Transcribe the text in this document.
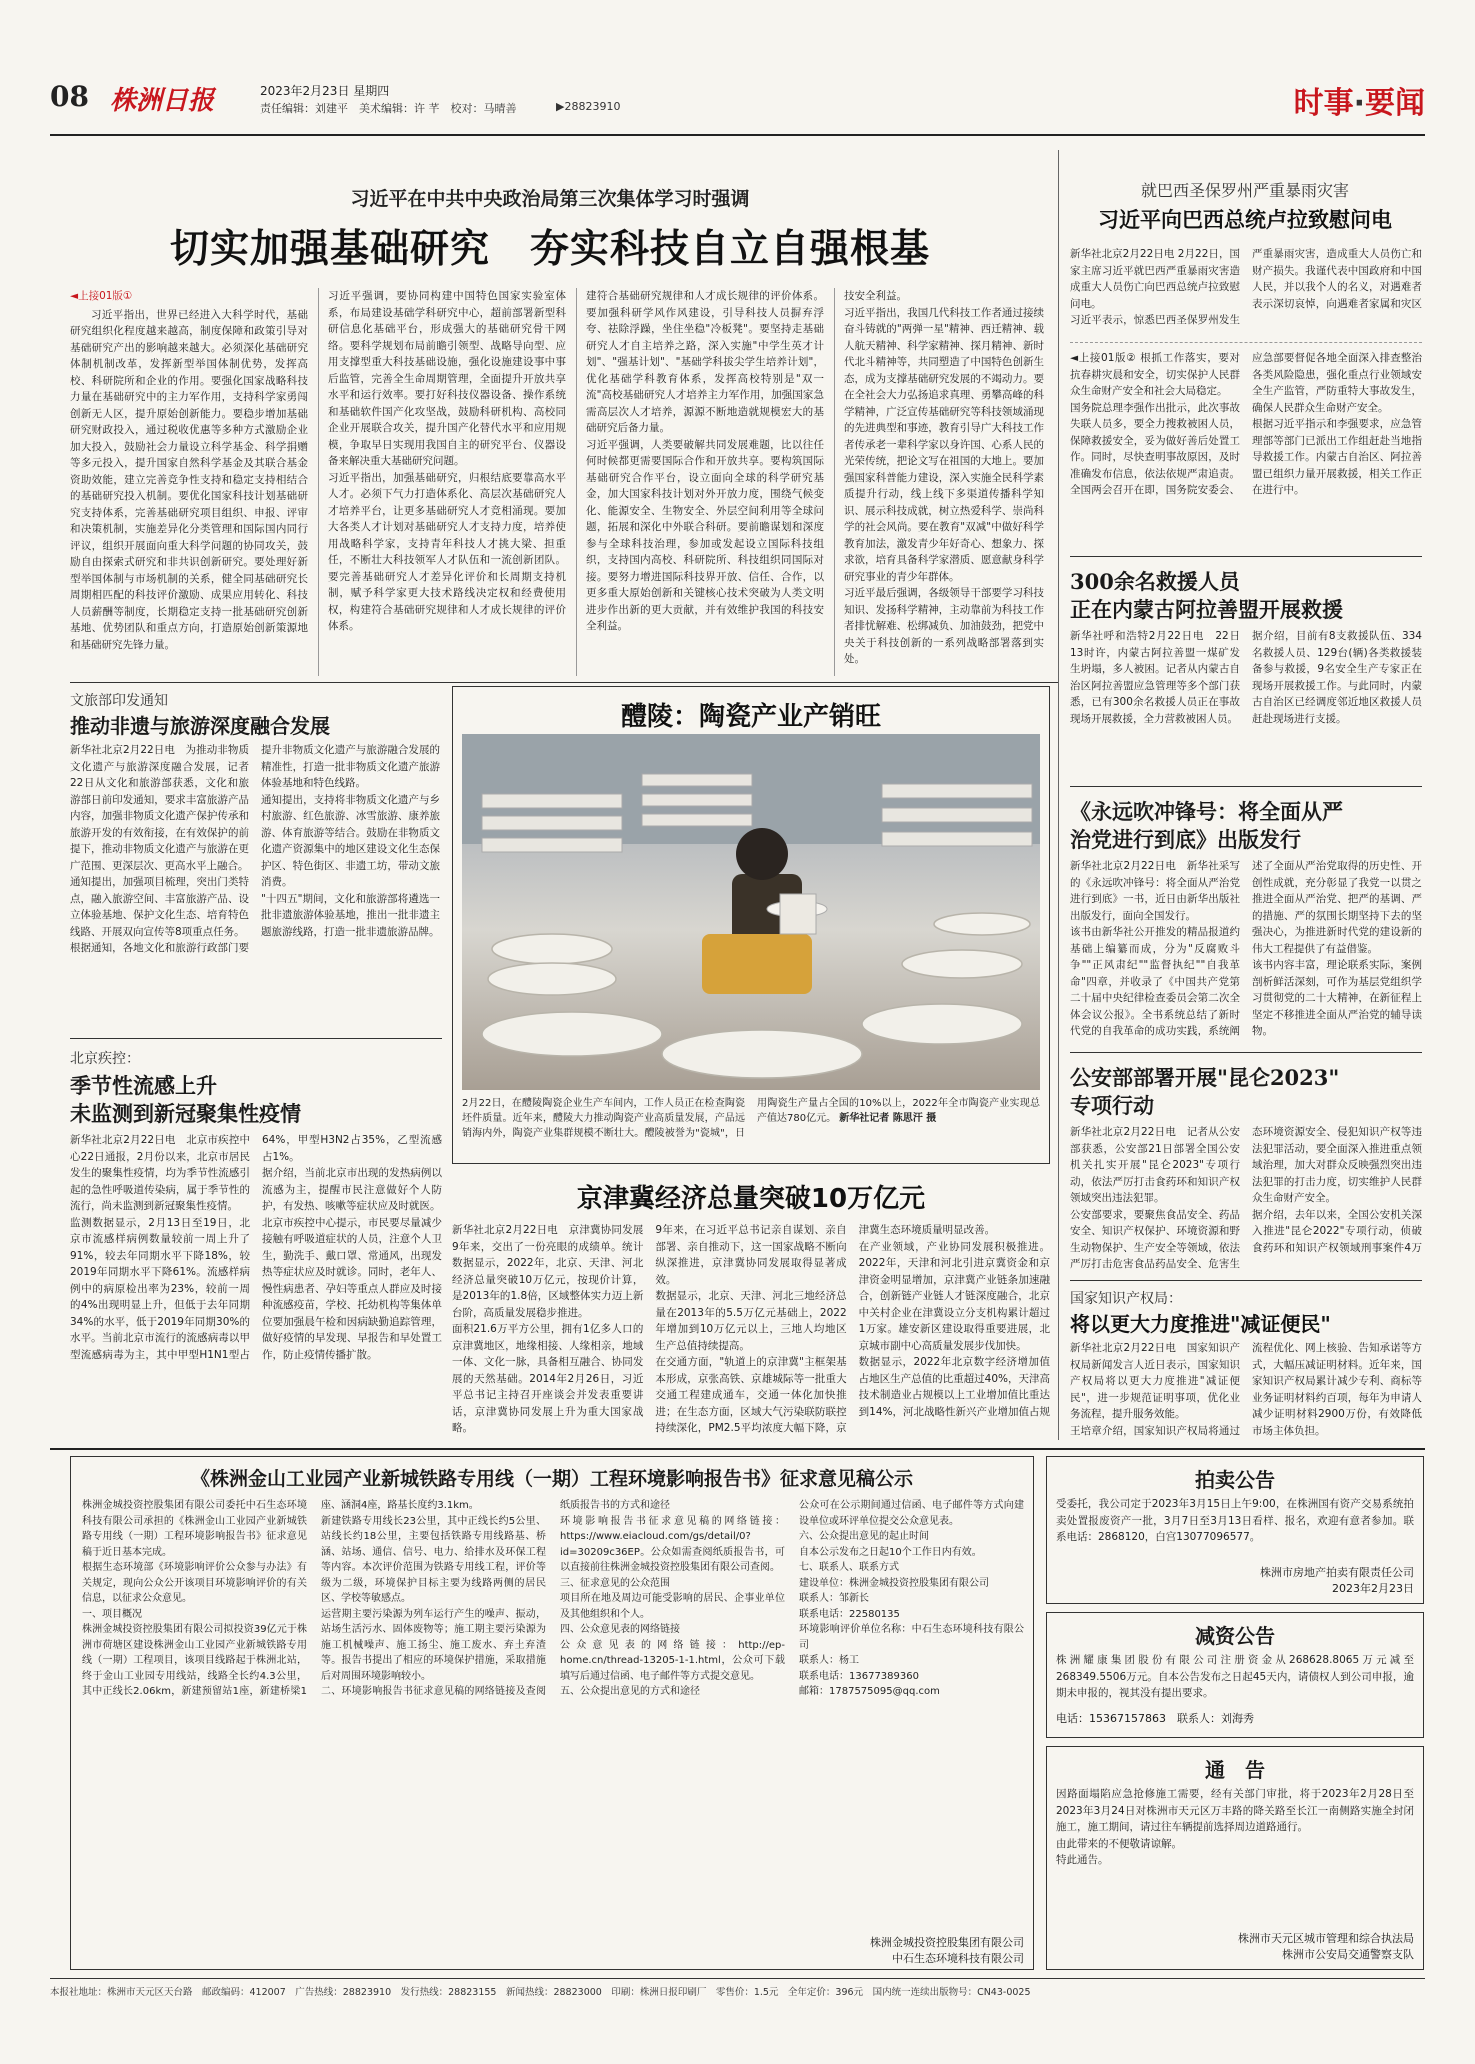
08 株洲日报	2023年2月23日 星期四
责任编辑：刘建平　美术编辑：许 芊　校对：马晴善	▶28823910	时事·要闻
习近平在中共中央政治局第三次集体学习时强调
切实加强基础研究　夯实科技自立自强根基

◄上接01版①

习近平指出，世界已经进入大科学时代，基础研究组织化程度越来越高，制度保障和政策引导对基础研究产出的影响越来越大。必须深化基础研究体制机制改革，发挥新型举国体制优势，发挥高校、科研院所和企业的作用。要强化国家战略科技力量在基础研究中的主力军作用，支持科学家勇闯创新无人区，提升原始创新能力。要稳步增加基础研究财政投入，通过税收优惠等多种方式激励企业加大投入，鼓励社会力量设立科学基金、科学捐赠等多元投入，提升国家自然科学基金及其联合基金资助效能，建立完善竞争性支持和稳定支持相结合的基础研究投入机制。要优化国家科技计划基础研究支持体系，完善基础研究项目组织、申报、评审和决策机制，实施差异化分类管理和国际国内同行评议，组织开展面向重大科学问题的协同攻关，鼓励自由探索式研究和非共识创新研究。要处理好新型举国体制与市场机制的关系，健全同基础研究长周期相匹配的科技评价激励、成果应用转化、科技人员薪酬等制度，长期稳定支持一批基础研究创新基地、优势团队和重点方向，打造原始创新策源地和基础研究先锋力量。

习近平强调，要协同构建中国特色国家实验室体系，布局建设基础学科研究中心，超前部署新型科研信息化基础平台，形成强大的基础研究骨干网络。要科学规划布局前瞻引领型、战略导向型、应用支撑型重大科技基础设施，强化设施建设事中事后监管，完善全生命周期管理，全面提升开放共享水平和运行效率。要打好科技仪器设备、操作系统和基础软件国产化攻坚战，鼓励科研机构、高校同企业开展联合攻关，提升国产化替代水平和应用规模，争取早日实现用我国自主的研究平台、仪器设备来解决重大基础研究问题。
习近平指出，加强基础研究，归根结底要靠高水平人才。必须下气力打造体系化、高层次基础研究人才培养平台，让更多基础研究人才竞相涌现。要加大各类人才计划对基础研究人才支持力度，培养使用战略科学家，支持青年科技人才挑大梁、担重任，不断壮大科技领军人才队伍和一流创新团队。要完善基础研究人才差异化评价和长周期支持机制，赋予科学家更大技术路线决定权和经费使用权，构建符合基础研究规律和人才成长规律的评价体系。
建符合基础研究规律和人才成长规律的评价体系。要加强科研学风作风建设，引导科技人员摒弃浮夸、祛除浮躁，坐住坐稳"冷板凳"。要坚持走基础研究人才自主培养之路，深入实施"中学生英才计划"、"强基计划"、"基础学科拔尖学生培养计划"，优化基础学科教育体系，发挥高校特别是"双一流"高校基础研究人才培养主力军作用，加强国家急需高层次人才培养，源源不断地造就规模宏大的基础研究后备力量。
习近平强调，人类要破解共同发展难题，比以往任何时候都更需要国际合作和开放共享。要构筑国际基础研究合作平台，设立面向全球的科学研究基金，加大国家科技计划对外开放力度，围绕气候变化、能源安全、生物安全、外层空间利用等全球问题，拓展和深化中外联合科研。要前瞻谋划和深度参与全球科技治理，参加或发起设立国际科技组织，支持国内高校、科研院所、科技组织同国际对接。要努力增进国际科技界开放、信任、合作，以更多重大原始创新和关键核心技术突破为人类文明进步作出新的更大贡献，并有效维护我国的科技安全利益。
技安全利益。
习近平指出，我国几代科技工作者通过接续奋斗铸就的"两弹一星"精神、西迁精神、载人航天精神、科学家精神、探月精神、新时代北斗精神等，共同塑造了中国特色创新生态，成为支撑基础研究发展的不竭动力。要在全社会大力弘扬追求真理、勇攀高峰的科学精神，广泛宣传基础研究等科技领域涌现的先进典型和事迹，教育引导广大科技工作者传承老一辈科学家以身许国、心系人民的光荣传统，把论文写在祖国的大地上。要加强国家科普能力建设，深入实施全民科学素质提升行动，线上线下多渠道传播科学知识、展示科技成就，树立热爱科学、崇尚科学的社会风尚。要在教育"双减"中做好科学教育加法，激发青少年好奇心、想象力、探求欲，培育具备科学家潜质、愿意献身科学研究事业的青少年群体。
习近平最后强调，各级领导干部要学习科技知识、发扬科学精神，主动靠前为科技工作者排忧解难、松绑减负、加油鼓劲，把党中央关于科技创新的一系列战略部署落到实处。
就巴西圣保罗州严重暴雨灾害
习近平向巴西总统卢拉致慰问电
新华社北京2月22日电 2月22日，国家主席习近平就巴西严重暴雨灾害造成重大人员伤亡向巴西总统卢拉致慰问电。
习近平表示，惊悉巴西圣保罗州发生严重暴雨灾害，造成重大人员伤亡和财产损失。我谨代表中国政府和中国人民，并以我个人的名义，对遇难者表示深切哀悼，向遇难者家属和灾区
◄上接01版② 根抓工作落实，要对抗春耕灾晨和安全，切实保护人民群众生命财产安全和社会大局稳定。
国务院总理李强作出批示，此次事故失联人员多，要全力搜救被困人员，保障救援安全，妥为做好善后处置工作。同时，尽快查明事故原因，及时准确发布信息，依法依规严肃追责。全国两会召开在即，国务院安委会、应急部要督促各地全面深入排查整治各类风险隐患，强化重点行业领域安全生产监管，严防重特大事故发生，确保人民群众生命财产安全。
根据习近平指示和李强要求，应急管理部等部门已派出工作组赶赴当地指导救援工作。内蒙古自治区、阿拉善盟已组织力量开展救援，相关工作正在进行中。
300余名救援人员
正在内蒙古阿拉善盟开展救援
新华社呼和浩特2月22日电　22日13时许，内蒙古阿拉善盟一煤矿发生坍塌，多人被困。记者从内蒙古自治区阿拉善盟应急管理等多个部门获悉，已有300余名救援人员正在事故现场开展救援，全力营救被困人员。
据介绍，目前有8支救援队伍、334名救援人员、129台(辆)各类救援装备参与救援，9名安全生产专家正在现场开展救援工作。与此同时，内蒙古自治区已经调度邻近地区救援人员赶赴现场进行支援。
《永远吹冲锋号：将全面从严
治党进行到底》出版发行
新华社北京2月22日电　新华社采写的《永远吹冲锋号：将全面从严治党进行到底》一书，近日由新华出版社出版发行，面向全国发行。
该书由新华社公开推发的精品报道约基础上编纂而成，分为"反腐败斗争""正风肃纪""监督执纪""自我革命"四章，并收录了《中国共产党第二十届中央纪律检查委员会第二次全体会议公报》。全书系统总结了新时代党的自我革命的成功实践，系统阐述了全面从严治党取得的历史性、开创性成就，充分彰显了我党一以贯之推进全面从严治党、把严的基调、严的措施、严的氛围长期坚持下去的坚强决心，为推进新时代党的建设新的伟大工程提供了有益借鉴。
该书内容丰富，理论联系实际，案例剖析鲜活深刻，可作为基层党组织学习贯彻党的二十大精神，在新征程上坚定不移推进全面从严治党的辅导读物。
公安部部署开展"昆仑2023"
专项行动
新华社北京2月22日电　记者从公安部获悉，公安部21日部署全国公安机关扎实开展"昆仑2023"专项行动，依法严厉打击食药环和知识产权领域突出违法犯罪。
公安部要求，要聚焦食品安全、药品安全、知识产权保护、环境资源和野生动物保护、生产安全等领域，依法严厉打击危害食品药品安全、危害生态环境资源安全、侵犯知识产权等违法犯罪活动，要全面深入推进重点领域治理，加大对群众反映强烈突出违法犯罪的打击力度，切实维护人民群众生命财产安全。
据介绍，去年以来，全国公安机关深入推进"昆仑2022"专项行动，侦破食药环和知识产权领域刑事案件4万
国家知识产权局：
将以更大力度推进"减证便民"
新华社北京2月22日电　国家知识产权局新闻发言人近日表示，国家知识产权局将以更大力度推进"减证便民"，进一步规范证明事项，优化业务流程，提升服务效能。
王培章介绍，国家知识产权局将通过流程优化、网上核验、告知承诺等方式，大幅压减证明材料。近年来，国家知识产权局累计减少专利、商标等业务证明材料约百项，每年为申请人减少证明材料2900万份，有效降低市场主体负担。

文旅部印发通知
推动非遗与旅游深度融合发展
新华社北京2月22日电　为推动非物质文化遗产与旅游深度融合发展，记者22日从文化和旅游部获悉，文化和旅游部日前印发通知，要求丰富旅游产品内容，加强非物质文化遗产保护传承和旅游开发的有效衔接，在有效保护的前提下，推动非物质文化遗产与旅游在更广范围、更深层次、更高水平上融合。
通知提出，加强项目梳理，突出门类特点，融入旅游空间、丰富旅游产品、设立体验基地、保护文化生态、培育特色线路、开展双向宣传等8项重点任务。
根据通知，各地文化和旅游行政部门要提升非物质文化遗产与旅游融合发展的精准性，打造一批非物质文化遗产旅游体验基地和特色线路。
通知提出，支持将非物质文化遗产与乡村旅游、红色旅游、冰雪旅游、康养旅游、体育旅游等结合。鼓励在非物质文化遗产资源集中的地区建设文化生态保护区、特色街区、非遗工坊，带动文旅消费。
"十四五"期间，文化和旅游部将遴选一批非遗旅游体验基地，推出一批非遗主题旅游线路，打造一批非遗旅游品牌。
醴陵：陶瓷产业产销旺
2月22日，在醴陵陶瓷企业生产车间内，工作人员正在检查陶瓷坯件质量。近年来，醴陵大力推动陶瓷产业高质量发展，产品远销海内外，陶瓷产业集群规模不断壮大。醴陵被誉为"瓷城"，日用陶瓷生产量占全国的10%以上，2022年全市陶瓷产业实现总产值达780亿元。 新华社记者 陈思汗 摄
北京疾控：
季节性流感上升
未监测到新冠聚集性疫情
新华社北京2月22日电　北京市疾控中心22日通报，2月份以来，北京市居民发生的聚集性疫情，均为季节性流感引起的急性呼吸道传染病，属于季节性的流行，尚未监测到新冠聚集性疫情。
监测数据显示，2月13日至19日，北京市流感样病例数量较前一周上升了91%，较去年同期水平下降18%，较2019年同期水平下降61%。流感样病例中的病原检出率为23%，较前一周的4%出现明显上升，但低于去年同期34%的水平，低于2019年同期30%的水平。当前北京市流行的流感病毒以甲型流感病毒为主，其中甲型H1N1型占64%，甲型H3N2占35%，乙型流感占1%。
据介绍，当前北京市出现的发热病例以流感为主，提醒市民注意做好个人防护，有发热、咳嗽等症状应及时就医。
北京市疾控中心提示，市民要尽量减少接触有呼吸道症状的人员，注意个人卫生，勤洗手、戴口罩、常通风，出现发热等症状应及时就诊。同时，老年人、慢性病患者、孕妇等重点人群应及时接种流感疫苗，学校、托幼机构等集体单位要加强晨午检和因病缺勤追踪管理，做好疫情的早发现、早报告和早处置工作，防止疫情传播扩散。
京津冀经济总量突破10万亿元
新华社北京2月22日电　京津冀协同发展9年来，交出了一份亮眼的成绩单。统计数据显示，2022年，北京、天津、河北经济总量突破10万亿元，按现价计算，是2013年的1.8倍，区域整体实力迈上新台阶，高质量发展稳步推进。
面积21.6万平方公里，拥有1亿多人口的京津冀地区，地缘相接、人缘相亲，地域一体、文化一脉，具备相互融合、协同发展的天然基础。2014年2月26日，习近平总书记主持召开座谈会并发表重要讲话，京津冀协同发展上升为重大国家战略。
9年来，在习近平总书记亲自谋划、亲自部署、亲自推动下，这一国家战略不断向纵深推进，京津冀协同发展取得显著成效。
数据显示，北京、天津、河北三地经济总量在2013年的5.5万亿元基础上，2022年增加到10万亿元以上，三地人均地区生产总值持续提高。
在交通方面，"轨道上的京津冀"主框架基本形成，京张高铁、京雄城际等一批重大交通工程建成通车，交通一体化加快推进；在生态方面，区域大气污染联防联控持续深化，PM2.5平均浓度大幅下降，京津冀生态环境质量明显改善。
在产业领域，产业协同发展积极推进。2022年，天津和河北引进京冀资金和京津资金明显增加，京津冀产业链条加速融合，创新链产业链人才链深度融合，北京中关村企业在津冀设立分支机构累计超过1万家。雄安新区建设取得重要进展，北京城市副中心高质量发展步伐加快。
数据显示，2022年北京数字经济增加值占地区生产总值的比重超过40%，天津高技术制造业占规模以上工业增加值比重达到14%，河北战略性新兴产业增加值占规
《株洲金山工业园产业新城铁路专用线（一期）工程环境影响报告书》征求意见稿公示
株洲金城投资控股集团有限公司委托中石生态环境科技有限公司承担的《株洲金山工业园产业新城铁路专用线（一期）工程环境影响报告书》征求意见稿于近日基本完成。
根据生态环境部《环境影响评价公众参与办法》有关规定，现向公众公开该项目环境影响评价的有关信息，以征求公众意见。
一、项目概况
株洲金城投资控股集团有限公司拟投资39亿元于株洲市荷塘区建设株洲金山工业园产业新城铁路专用线（一期）工程项目，该项目线路起于株洲北站，终于金山工业园专用线站，线路全长约4.3公里，其中正线长2.06km，新建预留站1座，新建桥梁1座、涵洞4座，路基长度约3.1km。
新建铁路专用线长23公里，其中正线长约5公里、站线长约18公里，主要包括铁路专用线路基、桥涵、站场、通信、信号、电力、给排水及环保工程等内容。本次评价范围为铁路专用线工程，评价等级为二级，环境保护目标主要为线路两侧的居民区、学校等敏感点。
运营期主要污染源为列车运行产生的噪声、振动，站场生活污水、固体废物等；施工期主要污染源为施工机械噪声、施工扬尘、施工废水、弃土弃渣等。报告书提出了相应的环境保护措施，采取措施后对周围环境影响较小。
二、环境影响报告书征求意见稿的网络链接及查阅纸质报告书的方式和途径
环境影响报告书征求意见稿的网络链接：https://www.eiacloud.com/gs/detail/0?id=30209c36EP。公众如需查阅纸质报告书，可以直接前往株洲金城投资控股集团有限公司查阅。
三、征求意见的公众范围
项目所在地及周边可能受影响的居民、企事业单位及其他组织和个人。
四、公众意见表的网络链接
公众意见表的网络链接：http://ep-home.cn/thread-13205-1-1.html，公众可下载填写后通过信函、电子邮件等方式提交意见。
五、公众提出意见的方式和途径
公众可在公示期间通过信函、电子邮件等方式向建设单位或环评单位提交公众意见表。
六、公众提出意见的起止时间
自本公示发布之日起10个工作日内有效。
七、联系人、联系方式
建设单位：株洲金城投资控股集团有限公司
联系人：邹新长
联系电话：22580135
环境影响评价单位名称：中石生态环境科技有限公司
联系人：杨工
联系电话：13677389360
邮箱：1787575095@qq.com
株洲金城投资控股集团有限公司
中石生态环境科技有限公司
拍卖公告
受委托，我公司定于2023年3月15日上午9:00，在株洲国有资产交易系统拍卖处置报废资产一批，3月7日至3月13日看样、报名，欢迎有意者参加。联系电话：2868120，白宫13077096577。
株洲市房地产拍卖有限责任公司
2023年2月23日
减资公告
株洲耀康集团股份有限公司注册资金从268628.8065万元减至268349.5506万元。自本公告发布之日起45天内，请债权人到公司申报，逾期未申报的，视其没有提出要求。
电话：15367157863　联系人：刘海秀
通　告
因路面塌陷应急抢修施工需要，经有关部门审批，将于2023年2月28日至2023年3月24日对株洲市天元区万丰路的降关路至长江一南侧路实施全封闭施工，施工期间，请过往车辆提前选择周边道路通行。
由此带来的不便敬请谅解。
特此通告。
株洲市天元区城市管理和综合执法局
株洲市公安局交通警察支队
本报社地址：株洲市天元区天台路　邮政编码：412007　广告热线：28823910　发行热线：28823155　新闻热线：28823000　印刷：株洲日报印刷厂　零售价：1.5元　全年定价：396元　国内统一连续出版物号：CN43-0025
